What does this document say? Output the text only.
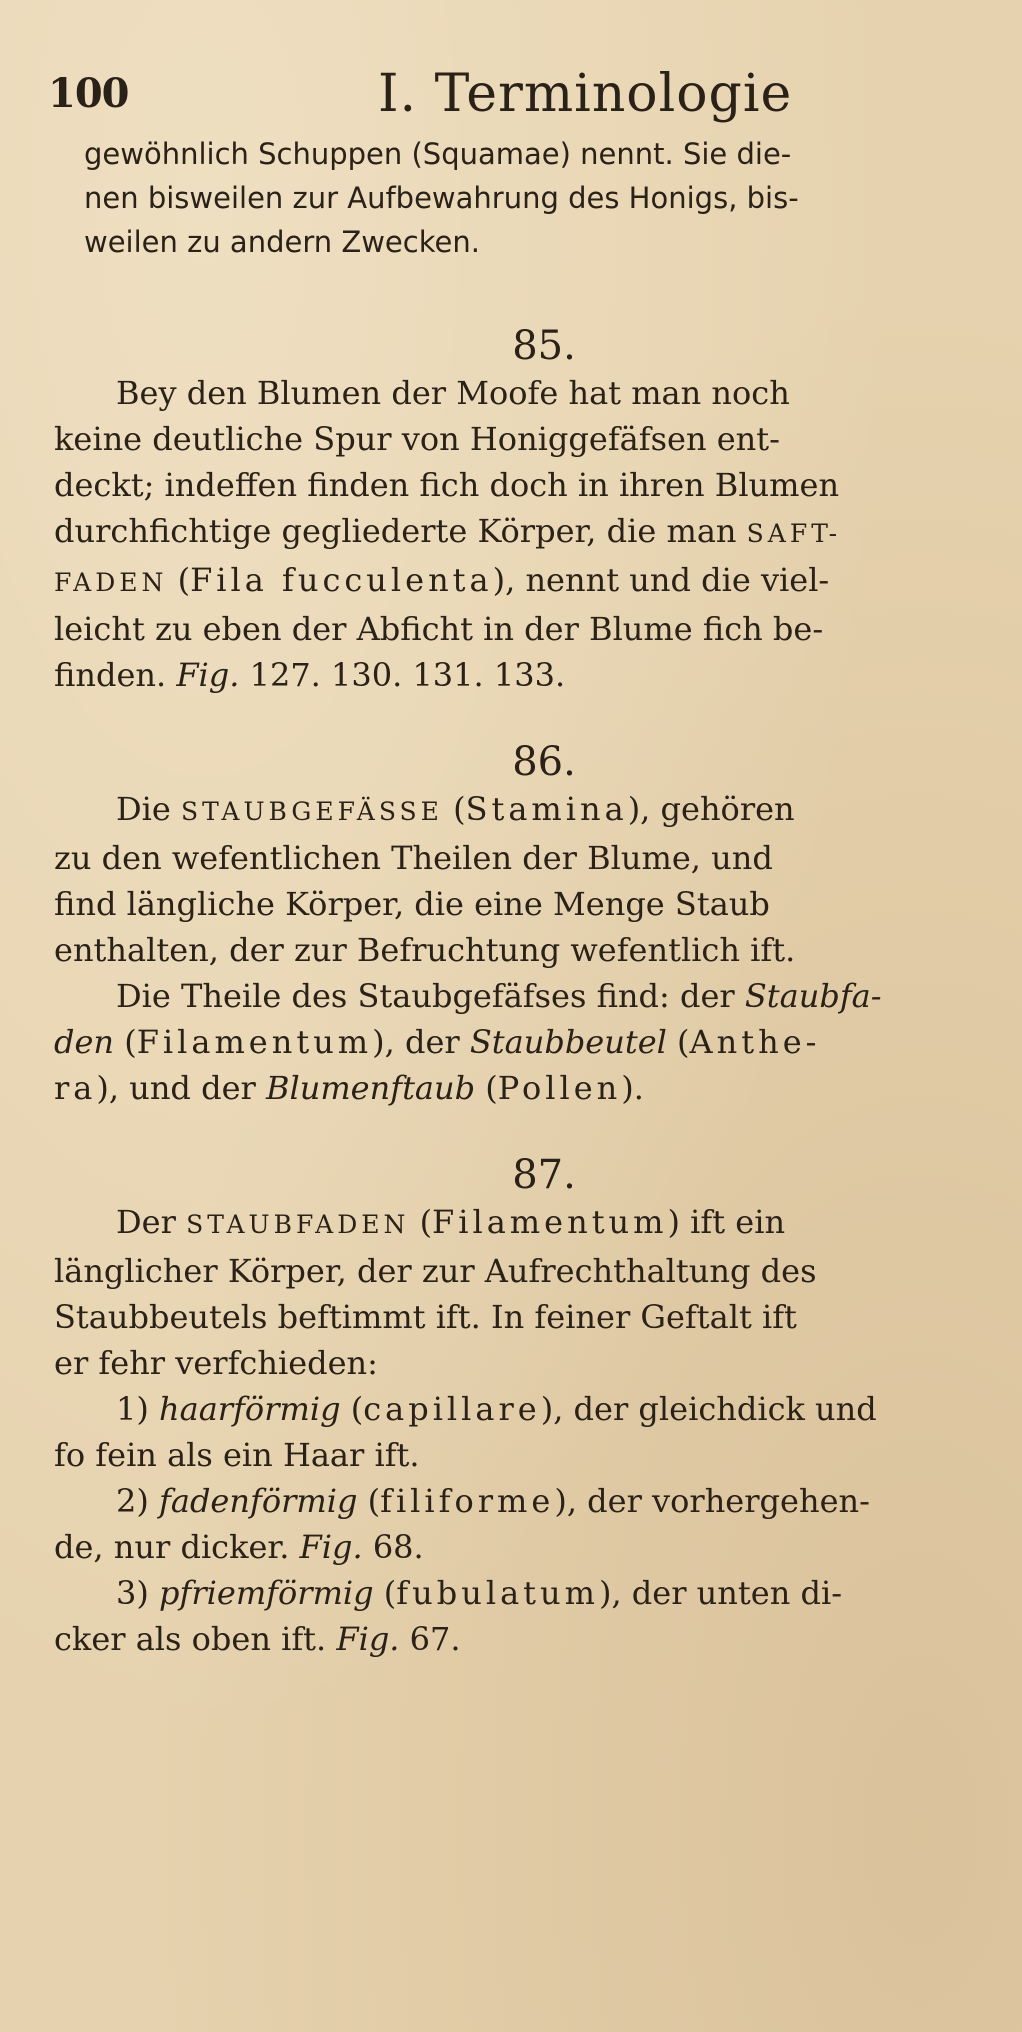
100	I. Terminologie

gewöhnlich Schuppen (Squamae) nennt. Sie die-
nen bisweilen zur Aufbewahrung des Honigs, bis-
weilen zu andern Zwecken.

85.

Bey den Blumen der Moofe hat man noch
keine deutliche Spur von Honiggefäfsen ent-
deckt; indeffen finden fich doch in ihren Blumen
durchfichtige gegliederte Körper, die man SAFT-
FADEN (Fila fucculenta), nennt und die viel-
leicht zu eben der Abficht in der Blume fich be-
finden. Fig. 127. 130. 131. 133.

86.

Die STAUBGEFÄSSE (Stamina), gehören
zu den wefentlichen Theilen der Blume, und
find längliche Körper, die eine Menge Staub
enthalten, der zur Befruchtung wefentlich ift.
Die Theile des Staubgefäfses find: der Staubfa-
den (Filamentum), der Staubbeutel (Anthe-
ra), und der Blumenftaub (Pollen).

87.

Der STAUBFADEN (Filamentum) ift ein
länglicher Körper, der zur Aufrechthaltung des
Staubbeutels beftimmt ift. In feiner Geftalt ift
er fehr verfchieden:
1) haarförmig (capillare), der gleichdick und
fo fein als ein Haar ift.
2) fadenförmig (filiforme), der vorhergehen-
de, nur dicker. Fig. 68.
3) pfriemförmig (fubulatum), der unten di-
cker als oben ift. Fig. 67.
